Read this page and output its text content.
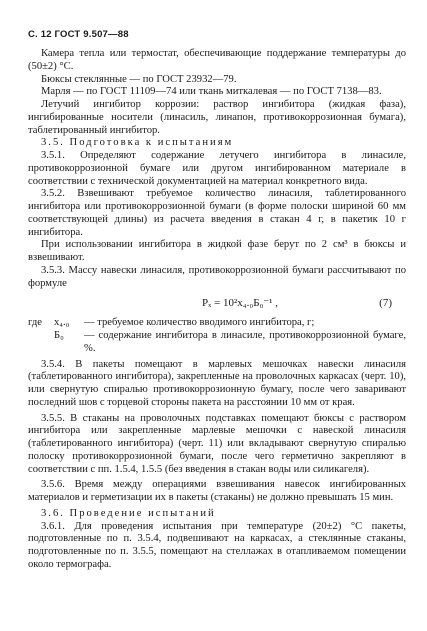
С. 12 ГОСТ 9.507—88

Камера тепла или термостат, обеспечивающие поддержание температуры до (50±2) °С.

Бюксы стеклянные — по ГОСТ 23932—79.

Марля — по ГОСТ 11109—74 или ткань миткалевая — по ГОСТ 7138—83.

Летучий ингибитор коррозии: раствор ингибитора (жидкая фаза), ингибированные носители (линасиль, линапон, противокоррозионная бумага), таблетированный ингибитор.

3.5. Подготовка к испытаниям

3.5.1. Определяют содержание летучего ингибитора в линасиле, противокоррозионной бумаге или другом ингибированном материале в соответствии с технической документацией на материал конкретного вида.

3.5.2. Взвешивают требуемое количество линасиля, таблетированного ингибитора или противокоррозионной бумаги (в форме полоски шириной 60 мм соответствующей длины) из расчета введения в стакан 4 г, в пакетик 10 г ингибитора.

При использовании ингибитора в жидкой фазе берут по 2 см³ в бюксы и взвешивают.

3.5.3. Массу навески линасиля, противокоррозионной бумаги рассчитывают по формуле

Pₓ = 10²x₄.₀Б₀⁻¹ ,	(7)
где	x₄.₀	— требуемое количество вводимого ингибитора, г;
Б₀	— содержание ингибитора в линасиле, противокоррозионной бумаге, %.

3.5.4. В пакеты помещают в марлевых мешочках навески линасиля (таблетированного ингибитора), закрепленные на проволочных каркасах (черт. 10), или свернутую спиралью противокоррозионную бумагу, после чего заваривают последний шов с торцевой стороны пакета на расстоянии 10 мм от края.

3.5.5. В стаканы на проволочных подставках помещают бюксы с раствором ингибитора или закрепленные марлевые мешочки с навеской линасиля (таблетированного ингибитора) (черт. 11) или вкладывают свернутую спиралью полоску противокоррозионной бумаги, после чего герметично закрепляют в соответствии с пп. 1.5.4, 1.5.5 (без введения в стакан воды или силикагеля).

3.5.6. Время между операциями взвешивания навесок ингибированных материалов и герметизации их в пакеты (стаканы) не должно превышать 15 мин.

3.6. Проведение испытаний

3.6.1. Для проведения испытания при температуре (20±2) °С пакеты, подготовленные по п. 3.5.4, подвешивают на каркасах, а стеклянные стаканы, подготовленные по п. 3.5.5, помещают на стеллажах в отапливаемом помещении около термографа.
